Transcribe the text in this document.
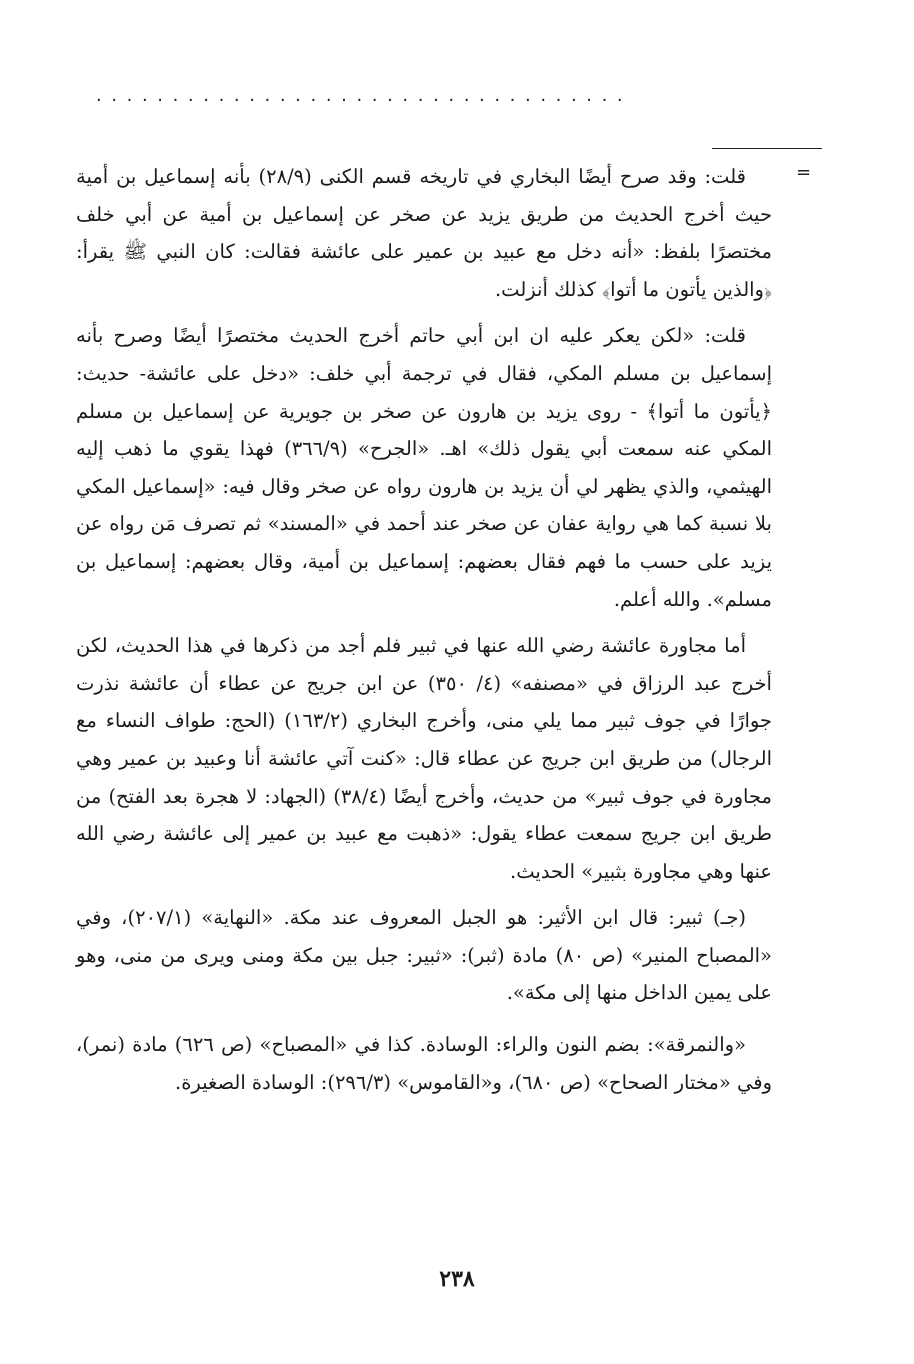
...................................
=

قلت: وقد صرح أيضًا البخاري في تاريخه قسم الكنى (٢٨/٩) بأنه إسماعيل بن أمية حيث أخرج الحديث من طريق يزيد عن صخر عن إسماعيل بن أمية عن أبي خلف مختصرًا بلفظ: «أنه دخل مع عبيد بن عمير على عائشة فقالت: كان النبي ﷺ يقرأ: ﴿والذين يأتون ما أتوا﴾ كذلك أنزلت.

قلت: «لكن يعكر عليه ان ابن أبي حاتم أخرج الحديث مختصرًا أيضًا وصرح بأنه إسماعيل بن مسلم المكي، فقال في ترجمة أبي خلف: «دخل على عائشة- حديث: ﴿يأتون ما أتوا﴾ - روى يزيد بن هارون عن صخر بن جويرية عن إسماعيل بن مسلم المكي عنه سمعت أبي يقول ذلك» اهـ. «الجرح» (٣٦٦/٩) فهذا يقوي ما ذهب إليه الهيثمي، والذي يظهر لي أن يزيد بن هارون رواه عن صخر وقال فيه: «إسماعيل المكي بلا نسبة كما هي رواية عفان عن صخر عند أحمد في «المسند» ثم تصرف مَن رواه عن يزيد على حسب ما فهم فقال بعضهم: إسماعيل بن أمية، وقال بعضهم: إسماعيل بن مسلم». والله أعلم.

أما مجاورة عائشة رضي الله عنها في ثبير فلم أجد من ذكرها في هذا الحديث، لكن أخرج عبد الرزاق في «مصنفه» (٤/ ٣٥٠) عن ابن جريج عن عطاء أن عائشة نذرت جوارًا في جوف ثبير مما يلي منى، وأخرج البخاري (١٦٣/٢) (الحج: طواف النساء مع الرجال) من طريق ابن جريج عن عطاء قال: «كنت آتي عائشة أنا وعبيد بن عمير وهي مجاورة في جوف ثبير» من حديث، وأخرج أيضًا (٣٨/٤) (الجهاد: لا هجرة بعد الفتح) من طريق ابن جريج سمعت عطاء يقول: «ذهبت مع عبيد بن عمير إلى عائشة رضي الله عنها وهي مجاورة بثبير» الحديث.

(جـ) ثبير: قال ابن الأثير: هو الجبل المعروف عند مكة. «النهاية» (٢٠٧/١)، وفي «المصباح المنير» (ص ٨٠) مادة (ثبر): «ثبير: جبل بين مكة ومنى ويرى من منى، وهو على يمين الداخل منها إلى مكة».

«والنمرقة»: بضم النون والراء: الوسادة. كذا في «المصباح» (ص ٦٢٦) مادة (نمر)، وفي «مختار الصحاح» (ص ٦٨٠)، و«القاموس» (٢٩٦/٣): الوسادة الصغيرة.

٢٣٨
